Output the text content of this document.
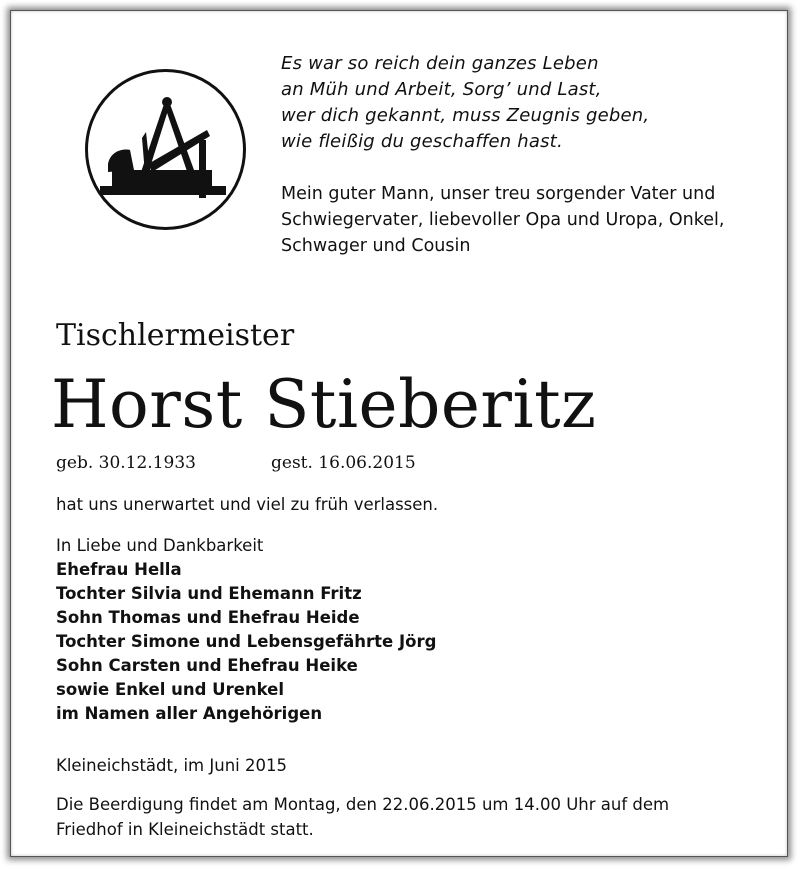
Es war so reich dein ganzes Leben
an Müh und Arbeit, Sorg’ und Last,
wer dich gekannt, muss Zeugnis geben,
wie fleißig du geschaffen hast.
Mein guter Mann, unser treu sorgender Vater und
Schwiegervater, liebevoller Opa und Uropa, Onkel,
Schwager und Cousin
Tischlermeister
Horst Stieberitz
geb. 30.12.1933	gest. 16.06.2015
hat uns unerwartet und viel zu früh verlassen.
In Liebe und Dankbarkeit
Ehefrau Hella
Tochter Silvia und Ehemann Fritz
Sohn Thomas und Ehefrau Heide
Tochter Simone und Lebensgefährte Jörg
Sohn Carsten und Ehefrau Heike
sowie Enkel und Urenkel
im Namen aller Angehörigen
Kleineichstädt, im Juni 2015
Die Beerdigung findet am Montag, den 22.06.2015 um 14.00 Uhr auf dem
Friedhof in Kleineichstädt statt.
